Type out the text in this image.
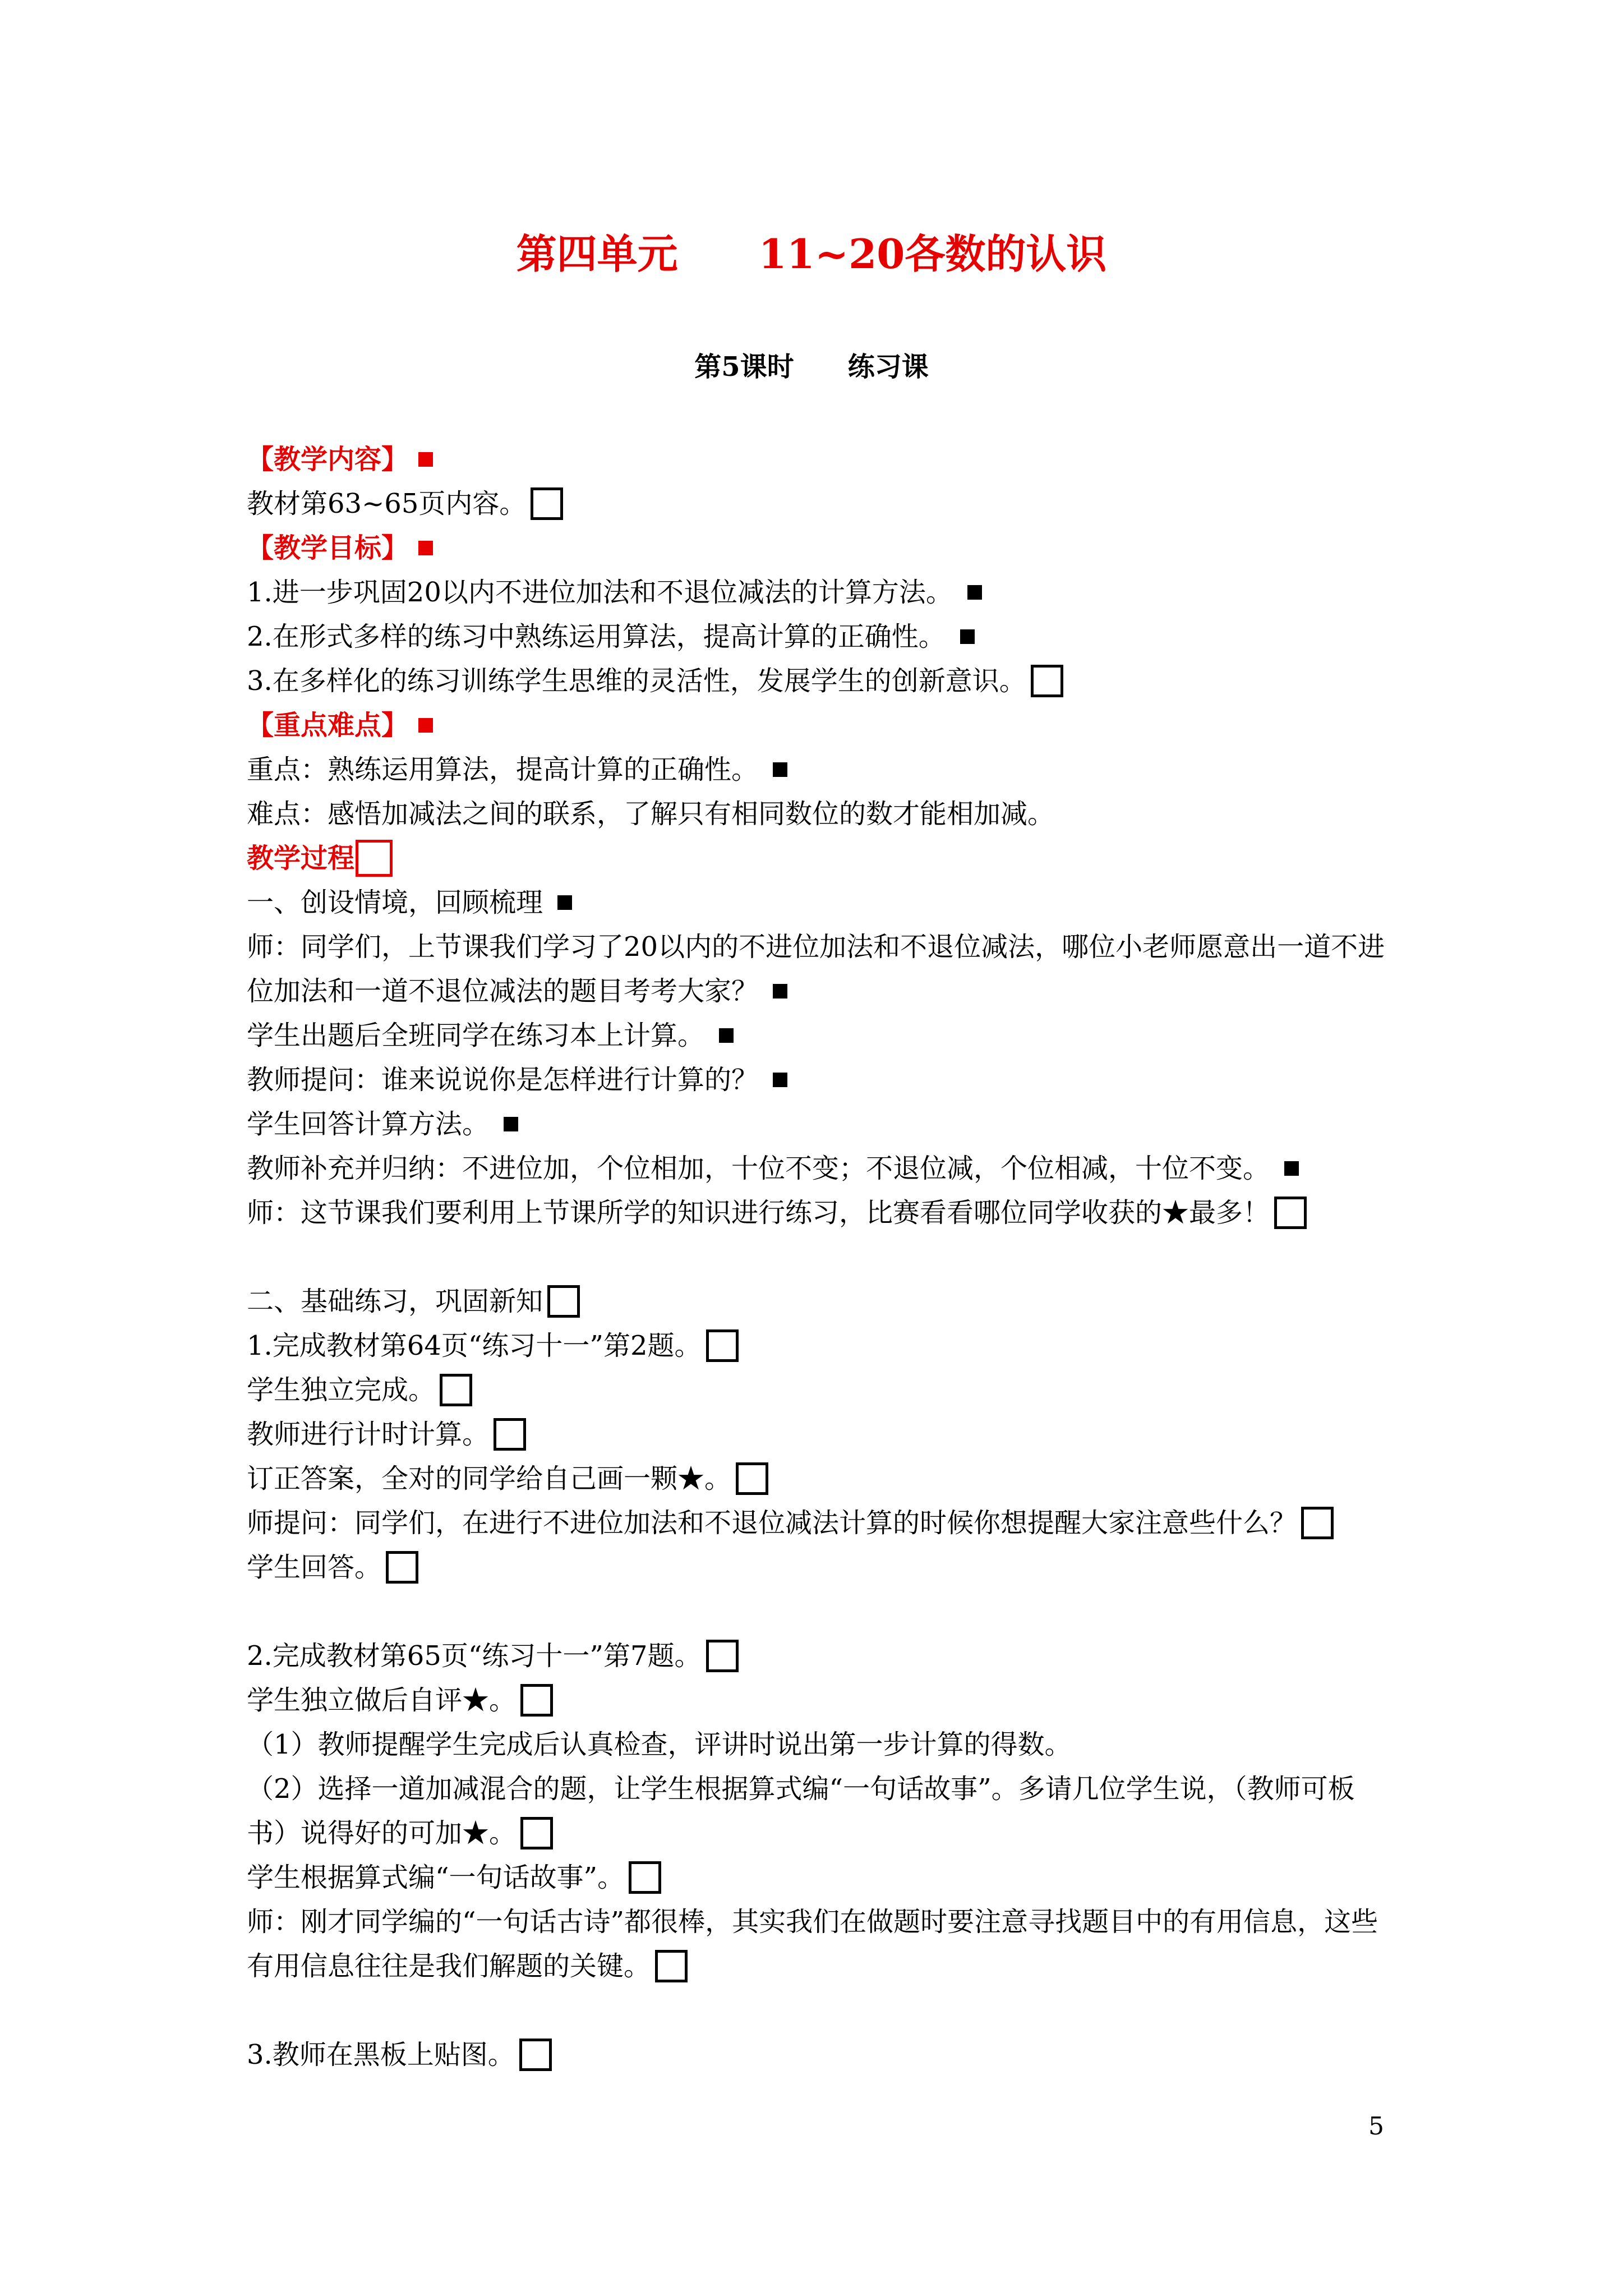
第四单元　　11~20各数的认识
第5课时　　练习课
【教学内容】
教材第63~65页内容。
【教学目标】
1.进一步巩固20以内不进位加法和不退位减法的计算方法。
2.在形式多样的练习中熟练运用算法，提高计算的正确性。
3.在多样化的练习训练学生思维的灵活性，发展学生的创新意识。
【重点难点】
重点：熟练运用算法，提高计算的正确性。
难点：感悟加减法之间的联系，了解只有相同数位的数才能相加减。
教学过程
一、创设情境，回顾梳理
师：同学们，上节课我们学习了20以内的不进位加法和不退位减法，哪位小老师愿意出一道不进位加法和一道不退位减法的题目考考大家？
学生出题后全班同学在练习本上计算。
教师提问：谁来说说你是怎样进行计算的？
学生回答计算方法。
教师补充并归纳：不进位加，个位相加，十位不变；不退位减，个位相减，十位不变。
师：这节课我们要利用上节课所学的知识进行练习，比赛看看哪位同学收获的★最多！
二、基础练习，巩固新知
1.完成教材第64页“练习十一”第2题。
学生独立完成。
教师进行计时计算。
订正答案，全对的同学给自己画一颗★。
师提问：同学们，在进行不进位加法和不退位减法计算的时候你想提醒大家注意些什么？
学生回答。
2.完成教材第65页“练习十一”第7题。
学生独立做后自评★。
（1）教师提醒学生完成后认真检查，评讲时说出第一步计算的得数。
（2）选择一道加减混合的题，让学生根据算式编“一句话故事”。多请几位学生说，（教师可板书）说得好的可加★。
学生根据算式编“一句话故事”。
师：刚才同学编的“一句话古诗”都很棒，其实我们在做题时要注意寻找题目中的有用信息，这些有用信息往往是我们解题的关键。
3.教师在黑板上贴图。
5
